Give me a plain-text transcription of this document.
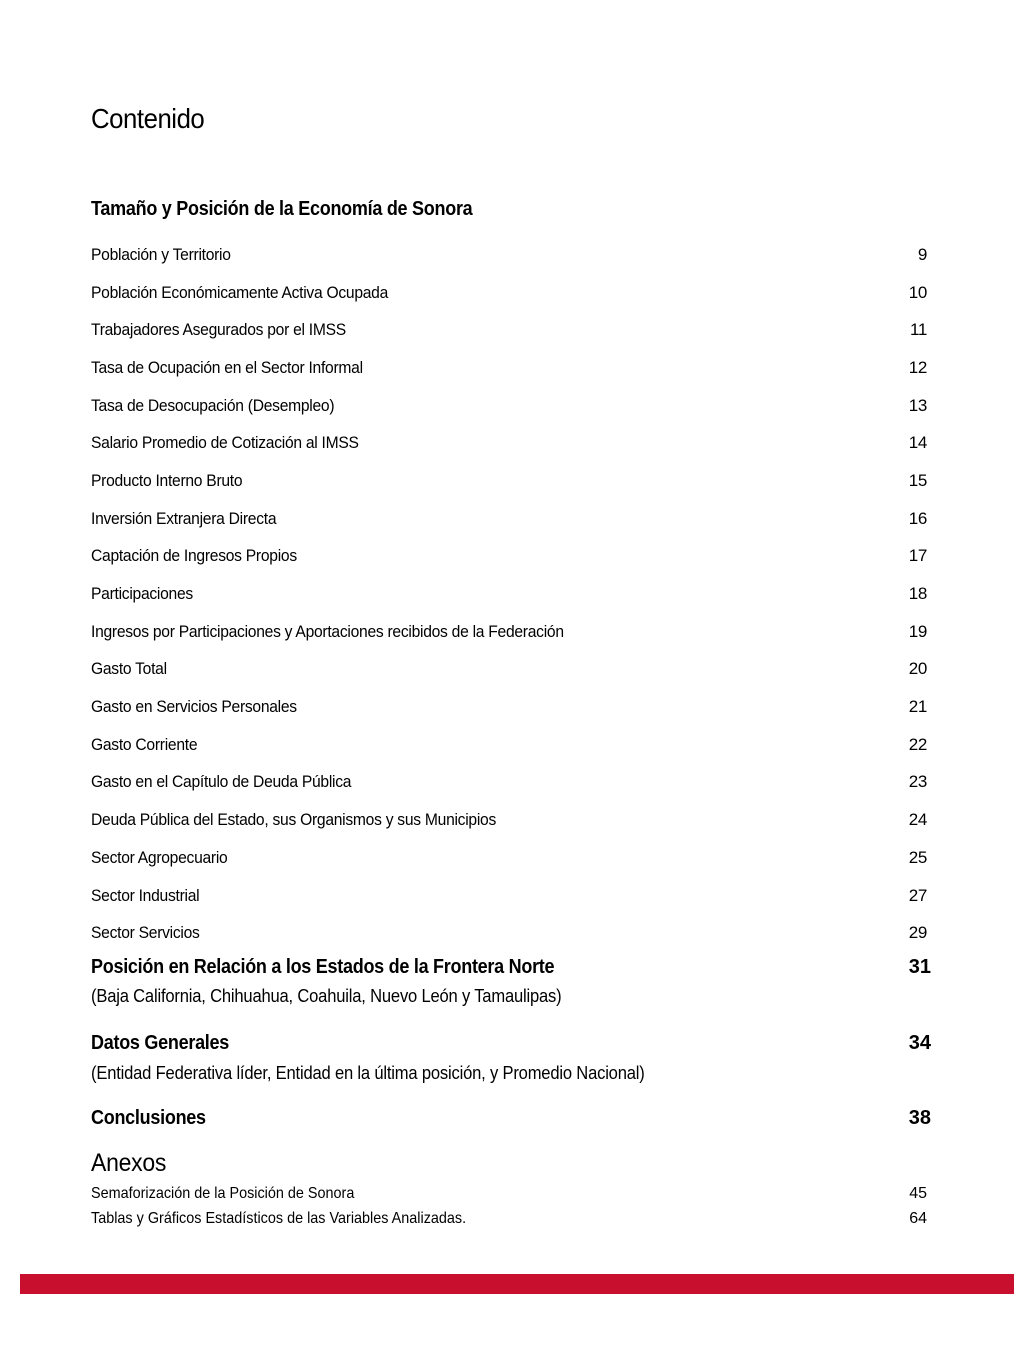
Contenido
Tamaño y Posición de la Economía de Sonora
Población y Territorio	9
Población Económicamente Activa Ocupada	10
Trabajadores Asegurados por el IMSS	11
Tasa de Ocupación en el Sector Informal	12
Tasa de Desocupación (Desempleo)	13
Salario Promedio de Cotización al IMSS	14
Producto Interno Bruto	15
Inversión Extranjera Directa	16
Captación de Ingresos Propios	17
Participaciones	18
Ingresos por Participaciones y Aportaciones recibidos de la Federación	19
Gasto Total	20
Gasto en Servicios Personales	21
Gasto Corriente	22
Gasto en el Capítulo de Deuda Pública	23
Deuda Pública del Estado, sus Organismos y sus Municipios	24
Sector Agropecuario	25
Sector Industrial	27
Sector Servicios	29
Posición en Relación a los Estados de la Frontera Norte	31
(Baja California, Chihuahua, Coahuila, Nuevo León y Tamaulipas)
Datos Generales	34
(Entidad Federativa líder, Entidad en la última posición, y Promedio Nacional)
Conclusiones	38
Anexos
Semaforización de la Posición de Sonora	45
Tablas y Gráficos Estadísticos de las Variables Analizadas.	64
